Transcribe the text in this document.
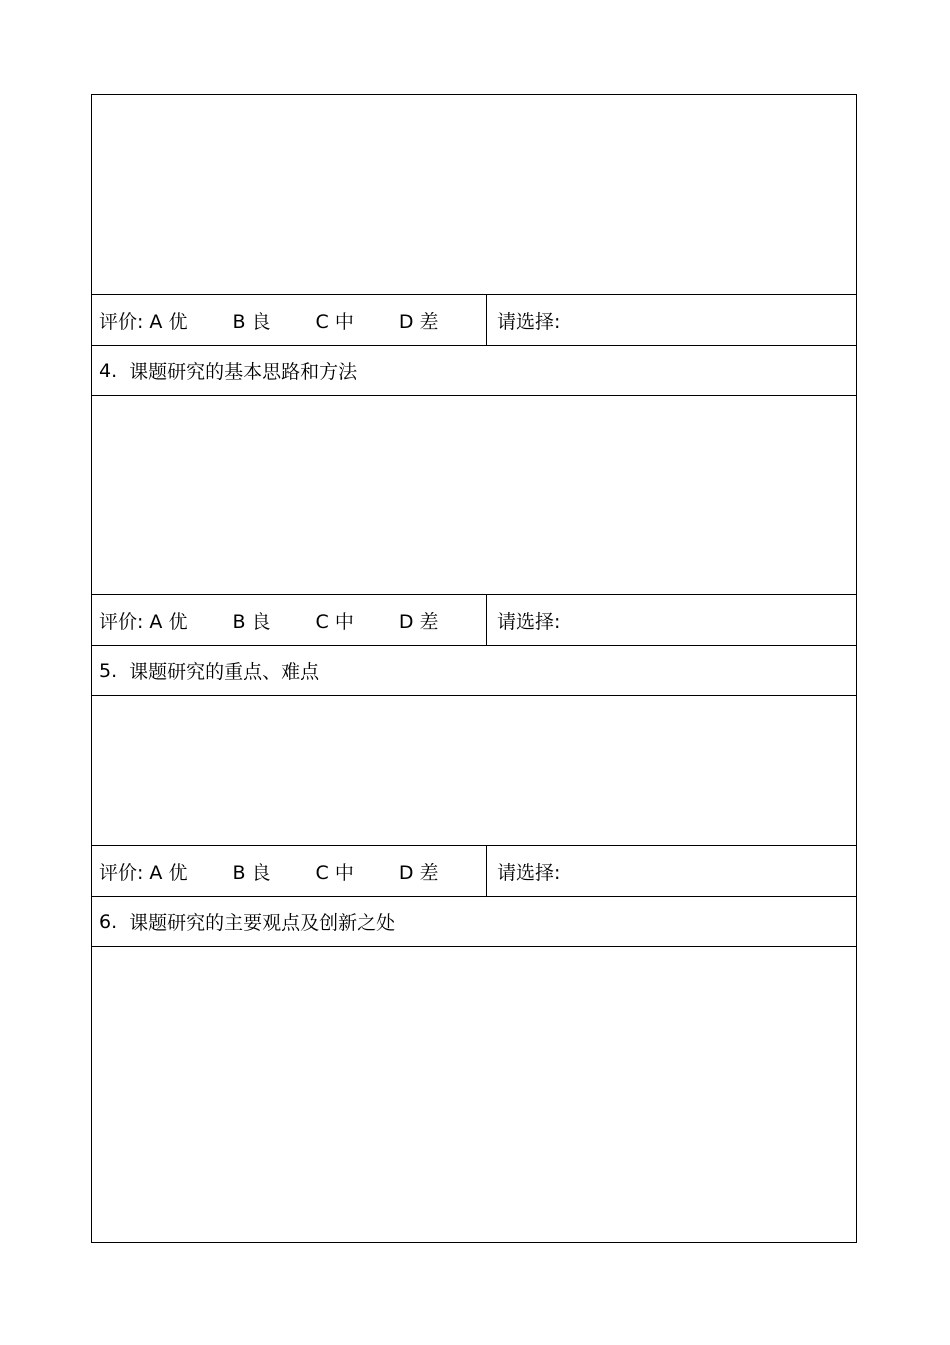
评价: A 优 B 良 C 中 D 差	请选择:
4. 课题研究的基本思路和方法
评价: A 优 B 良 C 中 D 差	请选择:
5. 课题研究的重点、难点
评价: A 优 B 良 C 中 D 差	请选择:
6. 课题研究的主要观点及创新之处
